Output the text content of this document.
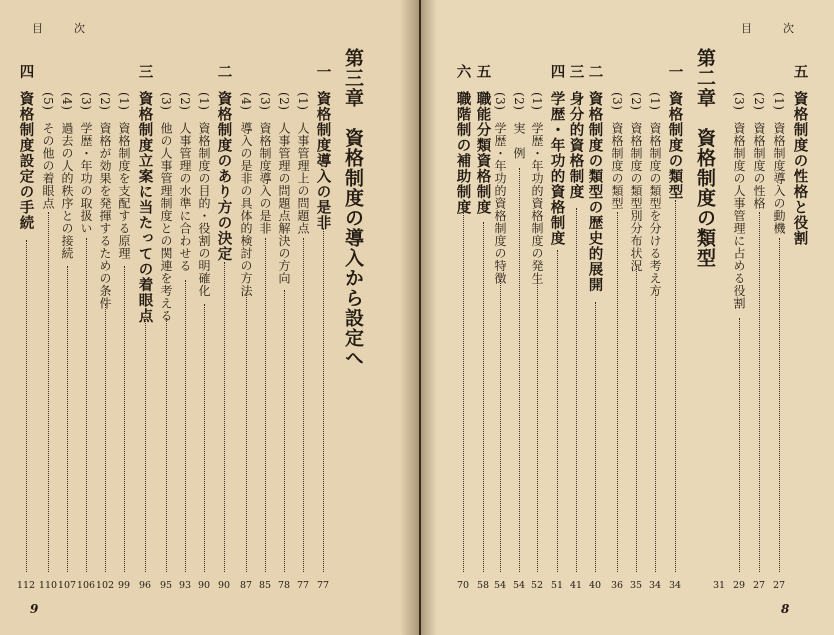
目	次
8
五
資格制度の性格と役割
(1)
資格制度導入の動機
27
(2)
資格制度の性格
27
(3)
資格制度の人事管理に占める役割
29
31
第二章　資格制度の類型
一
資格制度の類型
34
(1)
資格制度の類型を分ける考え方
34
(2)
資格制度の類型別分布状況
35
(3)
資格制度の類型
36
二
資格制度の類型の歴史的展開
40
三
身分的資格制度
41
四
学歴・年功的資格制度
51
(1)
学歴・年功的資格制度の発生
52
(2)
実　例
54
(3)
学歴・年功的資格制度の特徴
54
五
職能分類資格制度
58
六
職階制の補助制度
70
目	次
9
第三章　資格制度の導入から設定へ
一
資格制度導入の是非
77
(1)
人事管理上の問題点
77
(2)
人事管理の問題点解決の方向
78
(3)
資格制度導入の是非
85
(4)
導入の是非の具体的検討の方法
87
二
資格制度のあり方の決定
90
(1)
資格制度の目的・役割の明確化
90
(2)
人事管理の水準に合わせる
93
(3)
他の人事管理制度との関連を考える
95
三
資格制度立案に当たっての着眼点
96
(1)
資格制度を支配する原理
99
(2)
資格が効果を発揮するための条件
102
(3)
学歴・年功の取扱い
106
(4)
過去の人的秩序との接続
107
(5)
その他の着眼点
110
四
資格制度設定の手続
112
